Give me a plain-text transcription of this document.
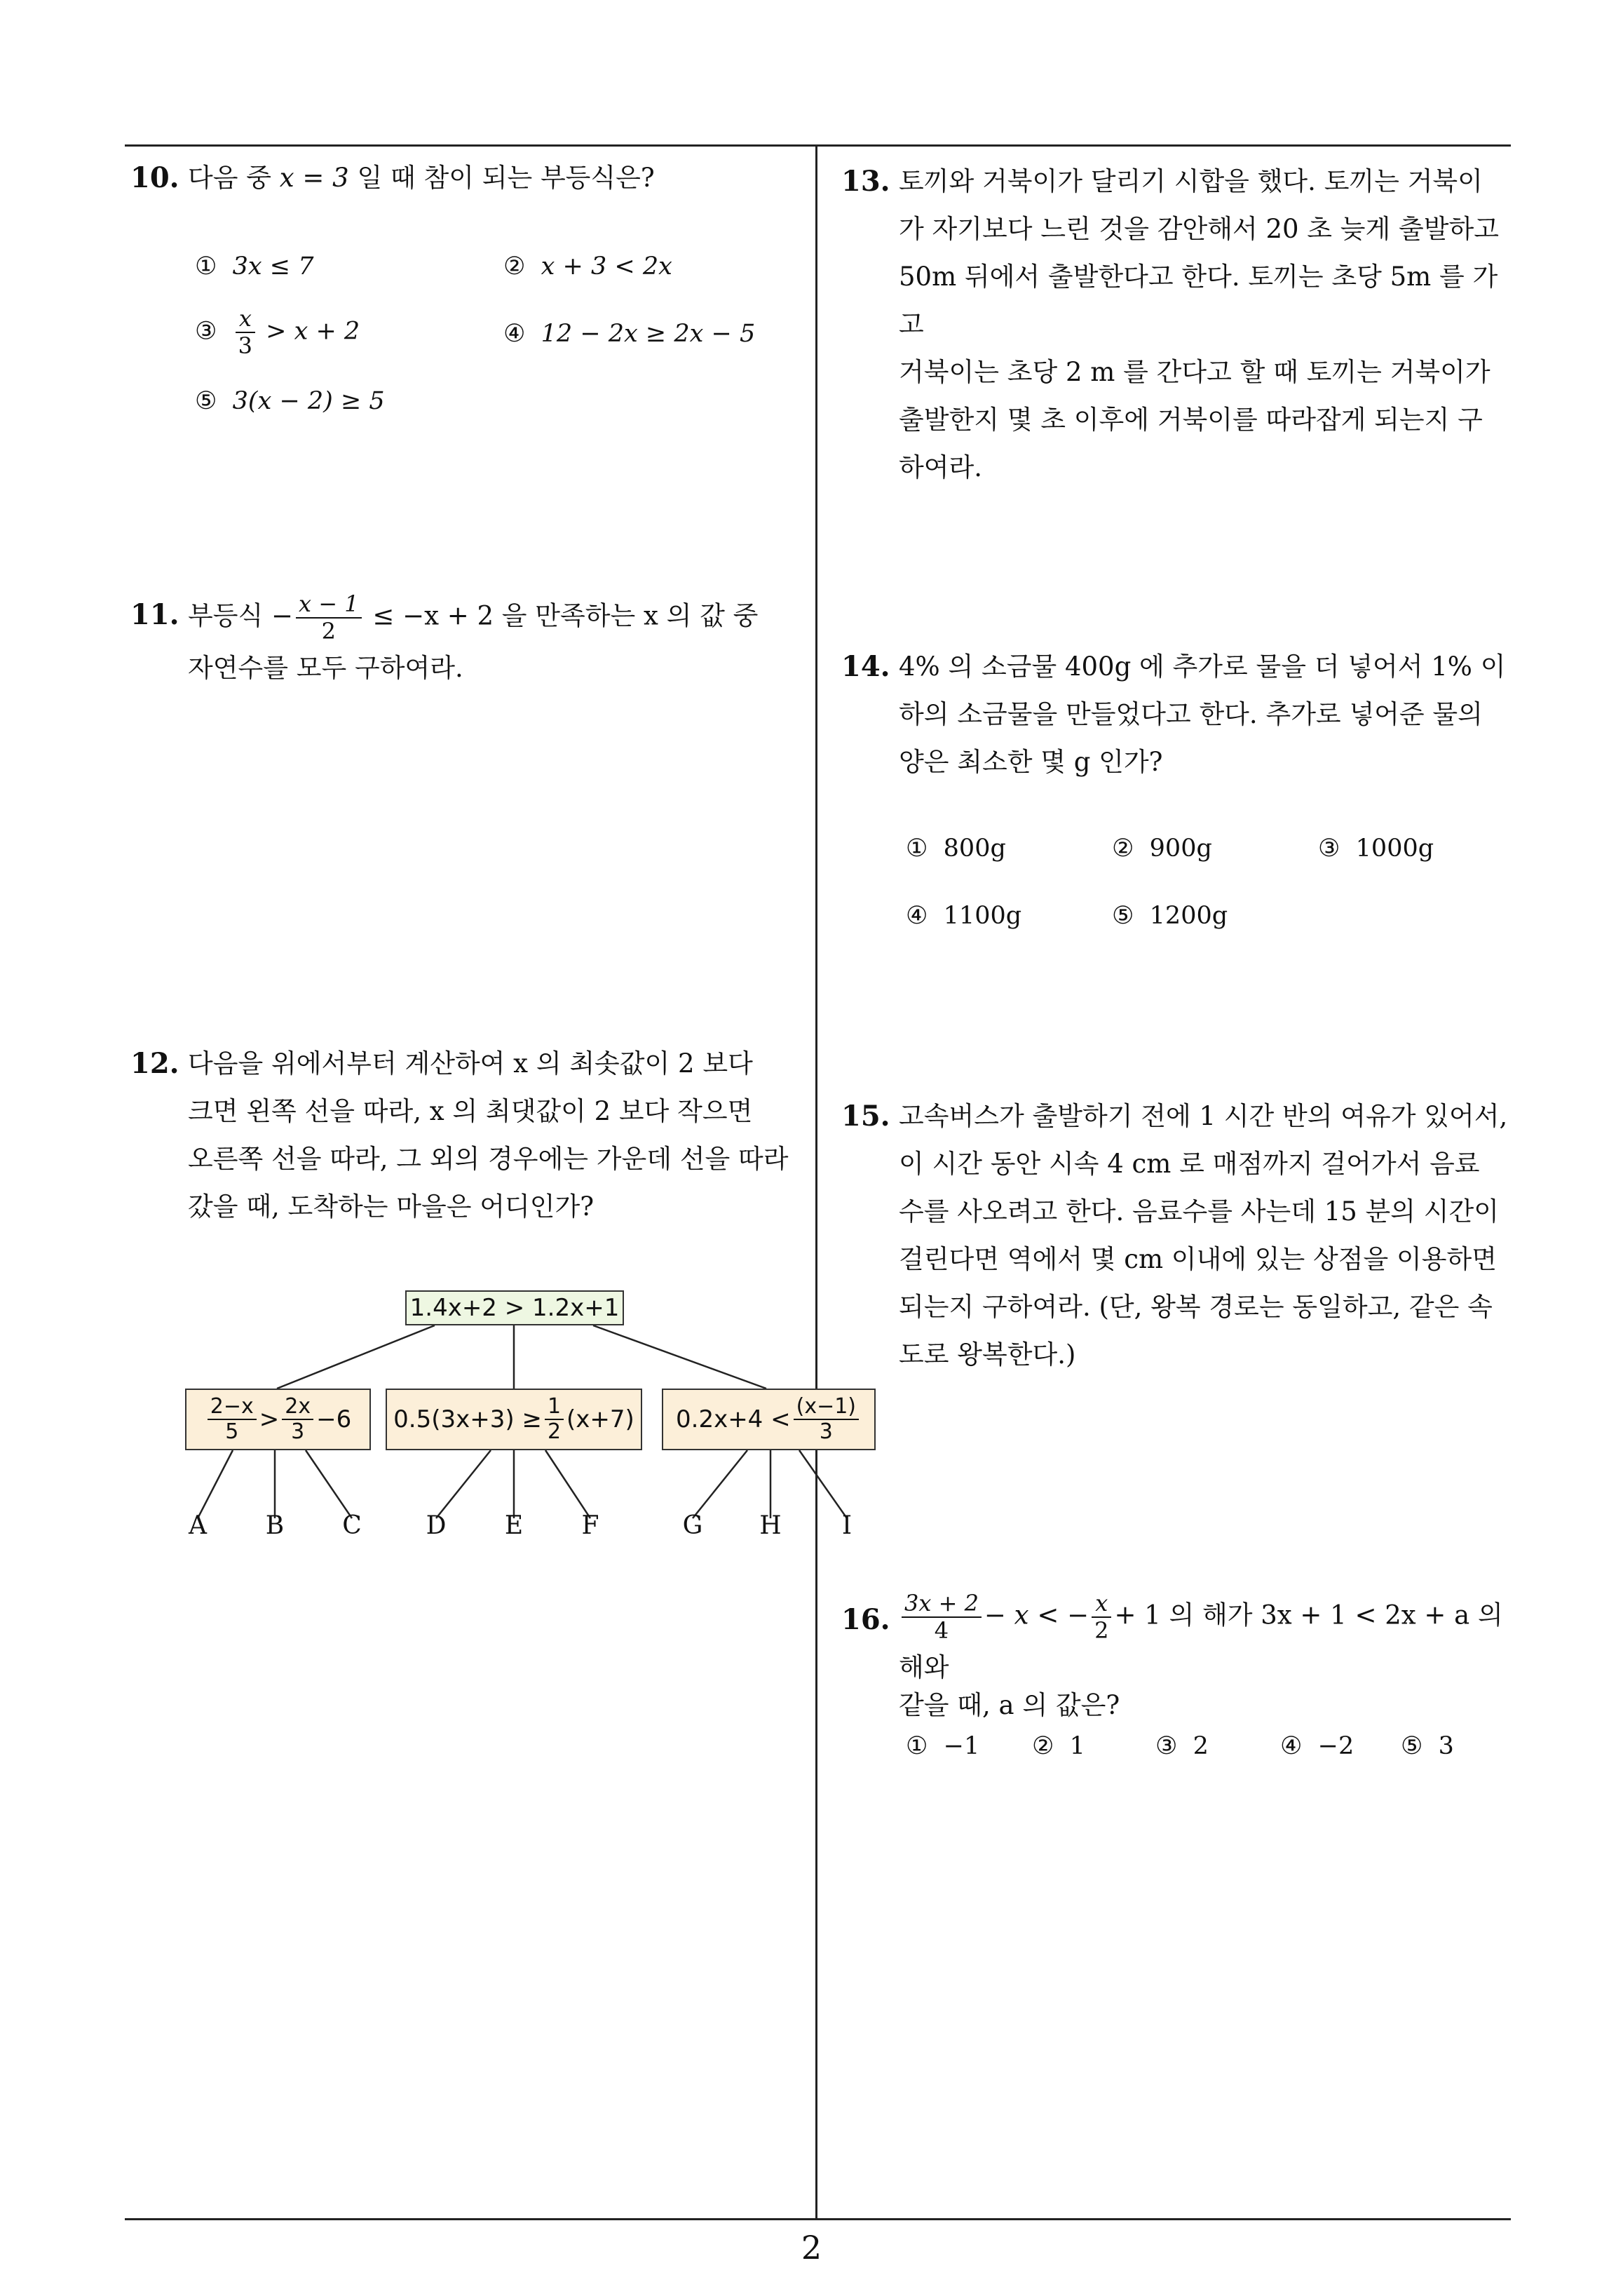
10. 다음 중 x = 3 일 때 참이 되는 부등식은?
① 3x ≤ 7	② x + 3 < 2x
③ $\frac{x}{3} > x + 2$	④ 12 − 2x ≥ 2x − 5
⑤ 3(x − 2) ≥ 5
11. 부등식 − $\frac{x - 1}{2} \le -x + 2$ 을 만족하는 x 의 값 중
자연수를 모두 구하여라.
12. 다음을 위에서부터 계산하여 x 의 최솟값이 2 보다
크면 왼쪽 선을 따라, x 의 최댓값이 2 보다 작으면
오른쪽 선을 따라, 그 외의 경우에는 가운데 선을 따라
갔을 때, 도착하는 마을은 어디인가?
1.4x+2 > 1.2x+1
$\frac{2-x}{5} > \frac{2x}{3} -6$ $0.5(3x+3) \ge \frac{1}{2} (x+7) 0.2x+4 < \frac{(x-1)}{3}$
A B C	D E F	G H	I
13. 토끼와 거북이가 달리기 시합을 했다. 토끼는 거북이
가 자기보다 느린 것을 감안해서 20 초 늦게 출발하고
50m 뒤에서 출발한다고 한다. 토끼는 초당 5m 를 가고
거북이는 초당 2 m 를 간다고 할 때 토끼는 거북이가
출발한지 몇 초 이후에 거북이를 따라잡게 되는지 구
하여라.
14. 4% 의 소금물 400g 에 추가로 물을 더 넣어서 1% 이
하의 소금물을 만들었다고 한다. 추가로 넣어준 물의
양은 최소한 몇 g 인가?
① 800g	② 900g	③ 1000g
④ 1100g	⑤ 1200g
15. 고속버스가 출발하기 전에 1 시간 반의 여유가 있어서,
이 시간 동안 시속 4 cm 로 매점까지 걸어가서 음료
수를 사오려고 한다. 음료수를 사는데 15 분의 시간이
걸린다면 역에서 몇 cm 이내에 있는 상점을 이용하면
되는지 구하여라. (단, 왕복 경로는 동일하고, 같은 속
도로 왕복한다.)
16. $\frac{3x + 2}{4} - x$ < − $\frac{x}{2} + 1$ 의 해가 3x + 1 < 2x + a 의 해와
같을 때, a 의 값은?
① −1 ② 1	③ 2	④ −2 ⑤ 3
2
